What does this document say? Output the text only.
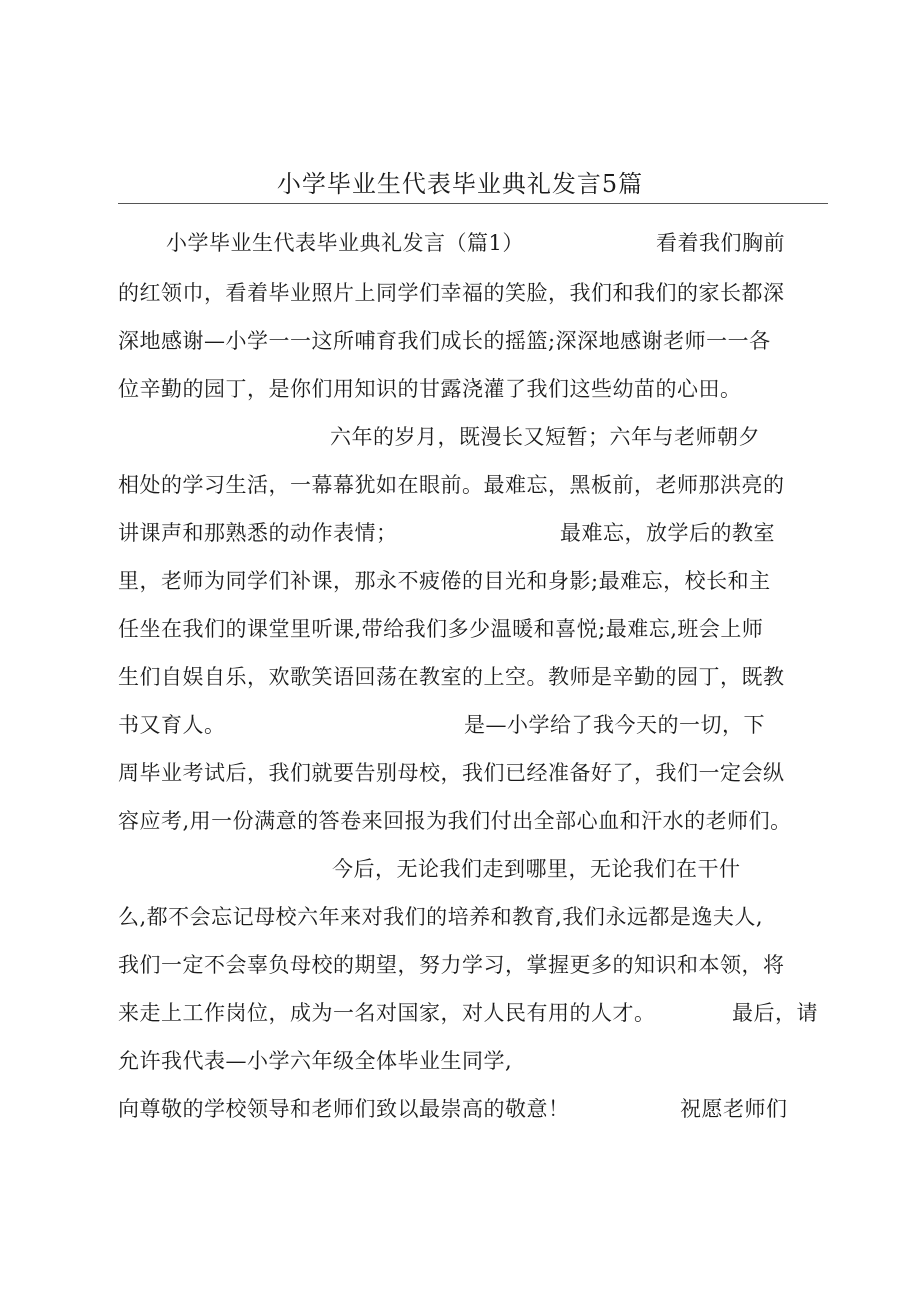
小学毕业生代表毕业典礼发言5篇
小学毕业生代表毕业典礼发言（篇1）	看着我们胸前
的红领巾，看着毕业照片上同学们幸福的笑脸，我们和我们的家长都深
深地感谢—小学一一这所哺育我们成长的摇篮;深深地感谢老师一一各
位辛勤的园丁，是你们用知识的甘露浇灌了我们这些幼苗的心田。
六年的岁月，既漫长又短暂；六年与老师朝夕
相处的学习生活，一幕幕犹如在眼前。最难忘，黑板前，老师那洪亮的
讲课声和那熟悉的动作表情；	最难忘，放学后的教室
里，老师为同学们补课，那永不疲倦的目光和身影;最难忘，校长和主
任坐在我们的课堂里听课,带给我们多少温暖和喜悦;最难忘,班会上师
生们自娱自乐，欢歌笑语回荡在教室的上空。教师是辛勤的园丁，既教
书又育人。	是—小学给了我今天的一切，下
周毕业考试后，我们就要告别母校，我们已经准备好了，我们一定会纵
容应考,用一份满意的答卷来回报为我们付出全部心血和汗水的老师们。
今后，无论我们走到哪里，无论我们在干什
么,都不会忘记母校六年来对我们的培养和教育,我们永远都是逸夫人,
我们一定不会辜负母校的期望，努力学习，掌握更多的知识和本领，将
来走上工作岗位，成为一名对国家，对人民有用的人才。	最后，请
允许我代表—小学六年级全体毕业生同学,
向尊敬的学校领导和老师们致以最崇高的敬意！	祝愿老师们
